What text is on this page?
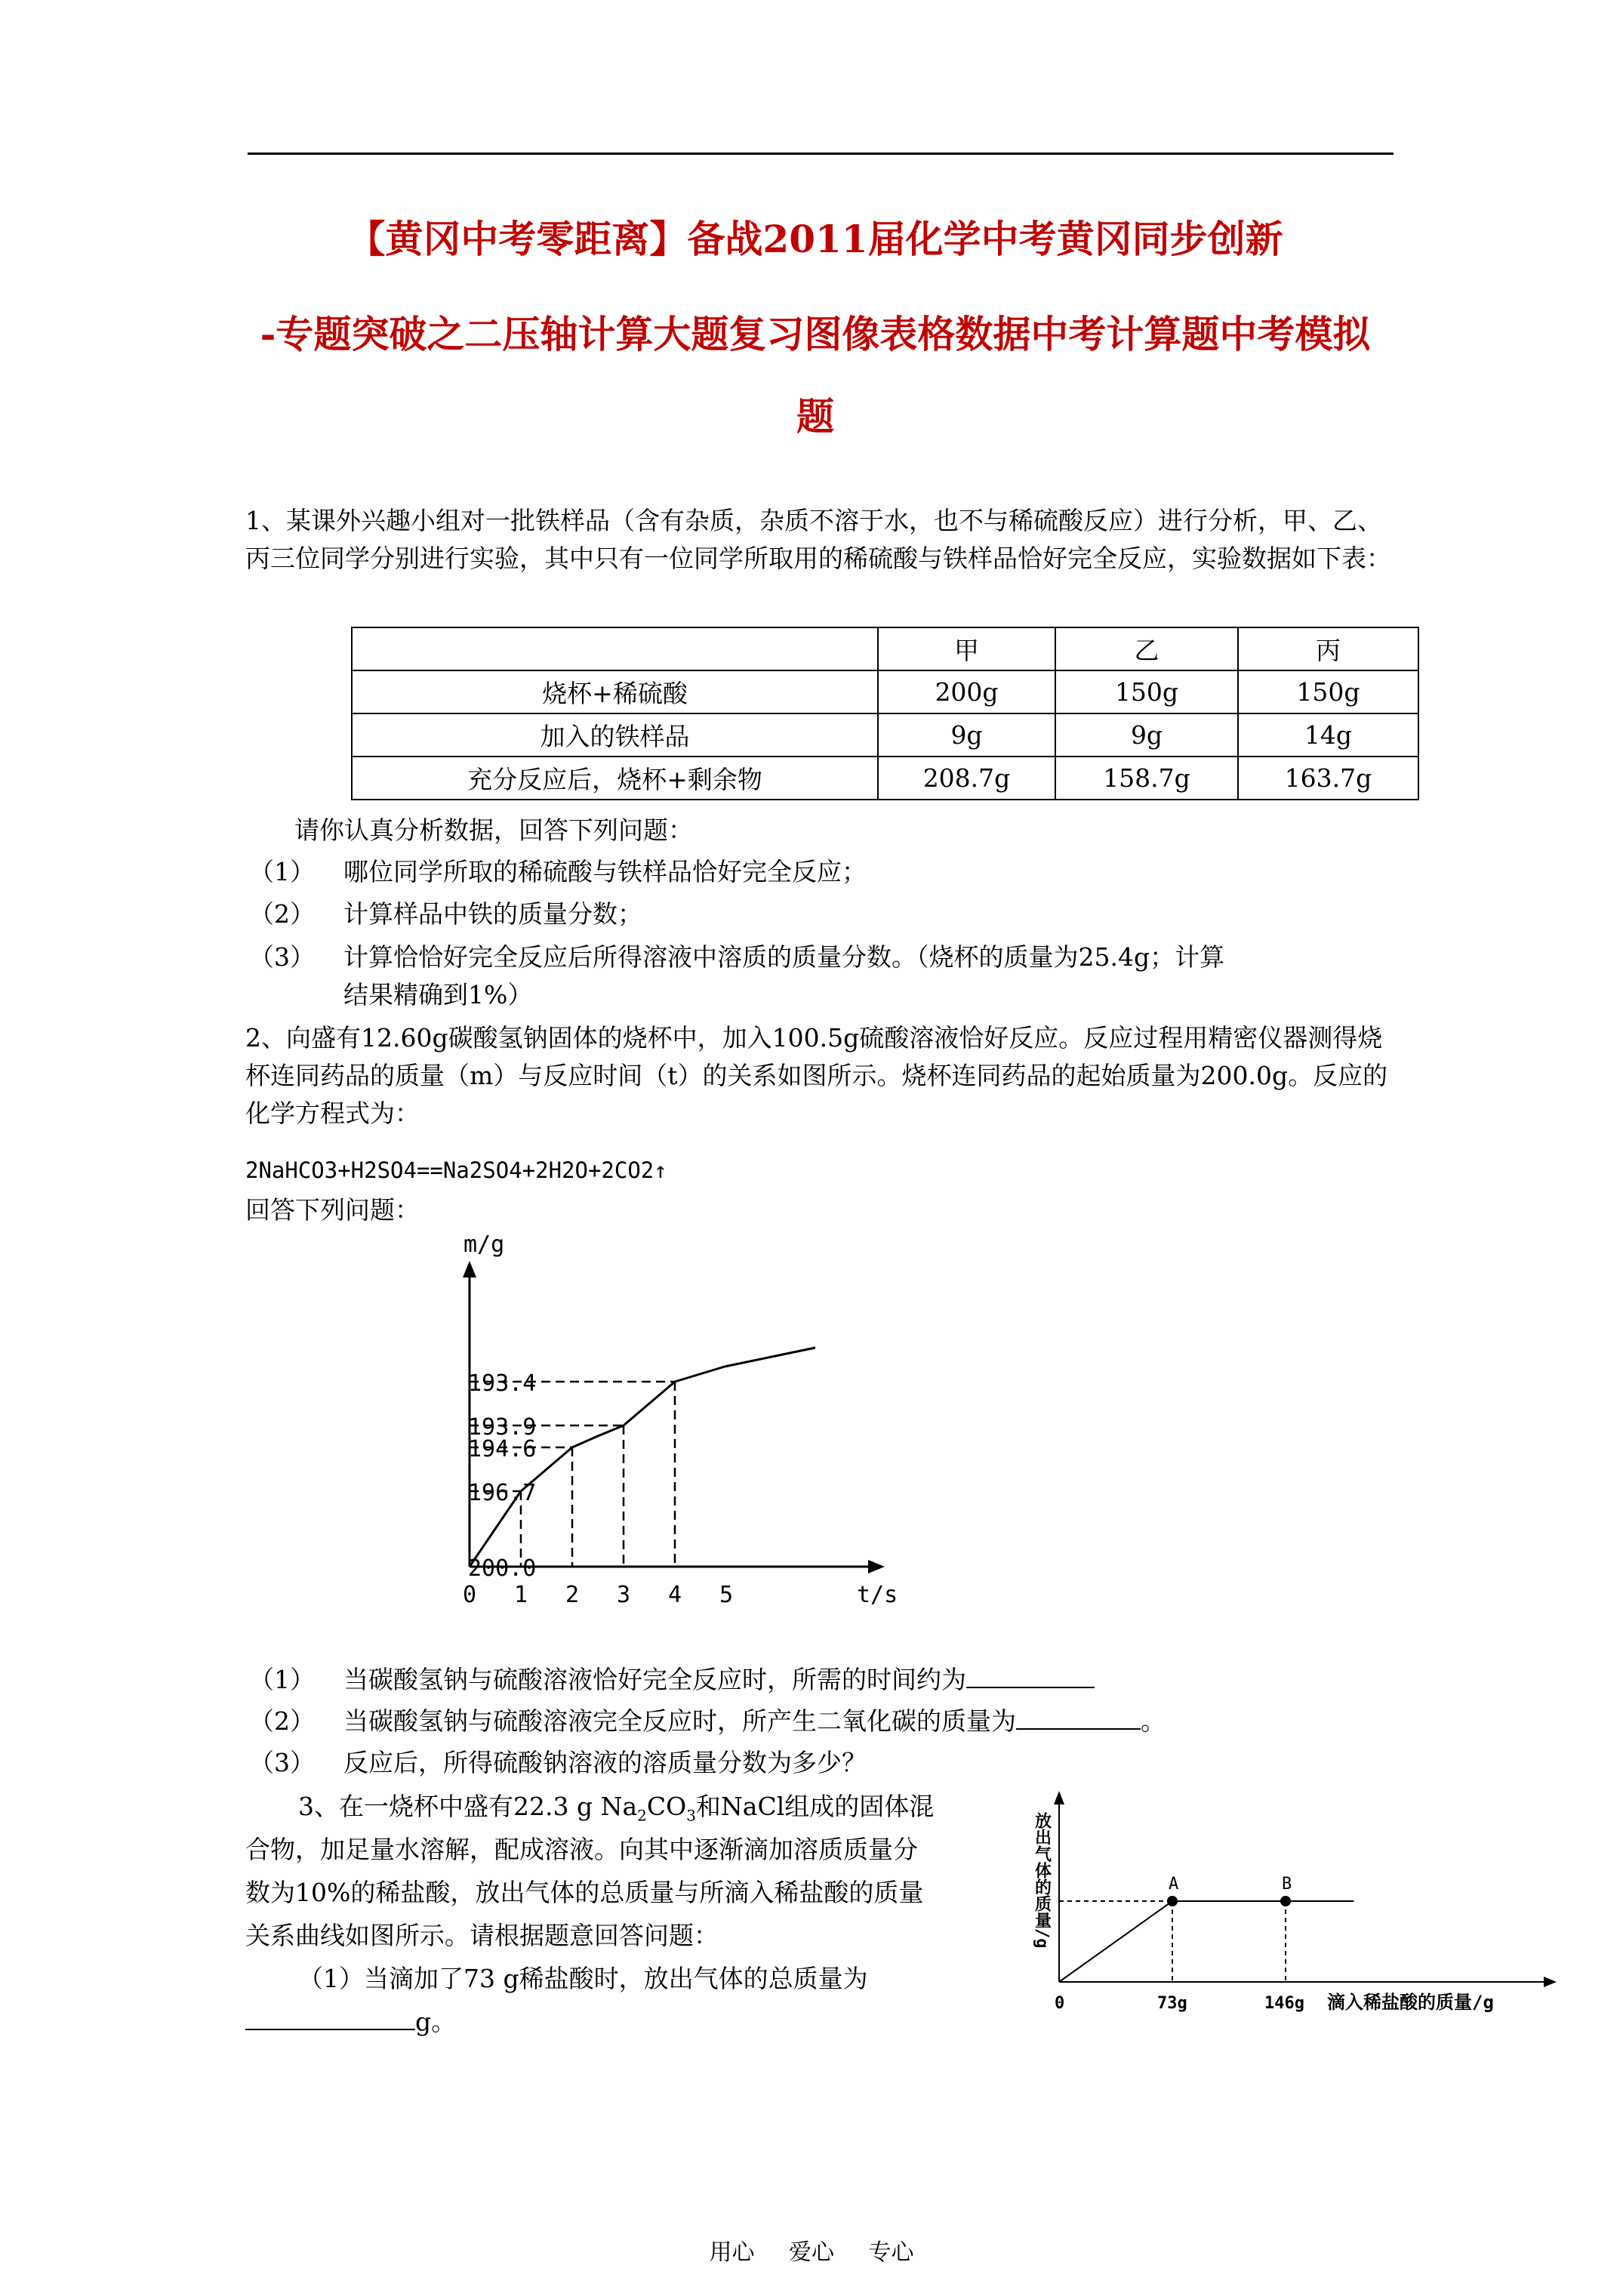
【黄冈中考零距离】备战2011届化学中考黄冈同步创新
-专题突破之二压轴计算大题复习图像表格数据中考计算题中考模拟
题
1、某课外兴趣小组对一批铁样品（含有杂质，杂质不溶于水，也不与稀硫酸反应）进行分析，甲、乙、丙三位同学分别进行实验，其中只有一位同学所取用的稀硫酸与铁样品恰好完全反应，实验数据如下表：
	甲	乙	丙
烧杯+稀硫酸	200g	150g	150g
加入的铁样品	9g	9g	14g
充分反应后，烧杯+剩余物	208.7g	158.7g	163.7g
请你认真分析数据，回答下列问题：
（1） 哪位同学所取的稀硫酸与铁样品恰好完全反应；
（2） 计算样品中铁的质量分数；
（3） 计算恰恰好完全反应后所得溶液中溶质的质量分数。（烧杯的质量为25.4g；计算
结果精确到1%）
2、向盛有12.60g碳酸氢钠固体的烧杯中，加入100.5g硫酸溶液恰好反应。反应过程用精密仪器测得烧杯连同药品的质量（m）与反应时间（t）的关系如图所示。烧杯连同药品的起始质量为200.0g。反应的化学方程式为：
2NaHCO3+H2SO4==Na2SO4+2H2O+2CO2↑
回答下列问题：
m/g
t/s
200.0
196.7
194.6
193.9
193.4
0 1 2 3 4 5
（1） 当碳酸氢钠与硫酸溶液恰好完全反应时，所需的时间约为
（2） 当碳酸氢钠与硫酸溶液完全反应时，所产生二氧化碳的质量为	。
（3） 反应后，所得硫酸钠溶液的溶质量分数为多少？
3、在一烧杯中盛有22.3 g $Na_2CO_3$和NaCl组成的固体混
合物，加足量水溶解，配成溶液。向其中逐渐滴加溶质质量分
数为10%的稀盐酸，放出气体的总质量与所滴入稀盐酸的质量
关系曲线如图所示。请根据题意回答问题：
（1）当滴加了73 g稀盐酸时，放出气体的总质量为
g。
放出气体的质量/g	A	B
0	73g	146g 滴入稀盐酸的质量/g
用心 爱心 专心
